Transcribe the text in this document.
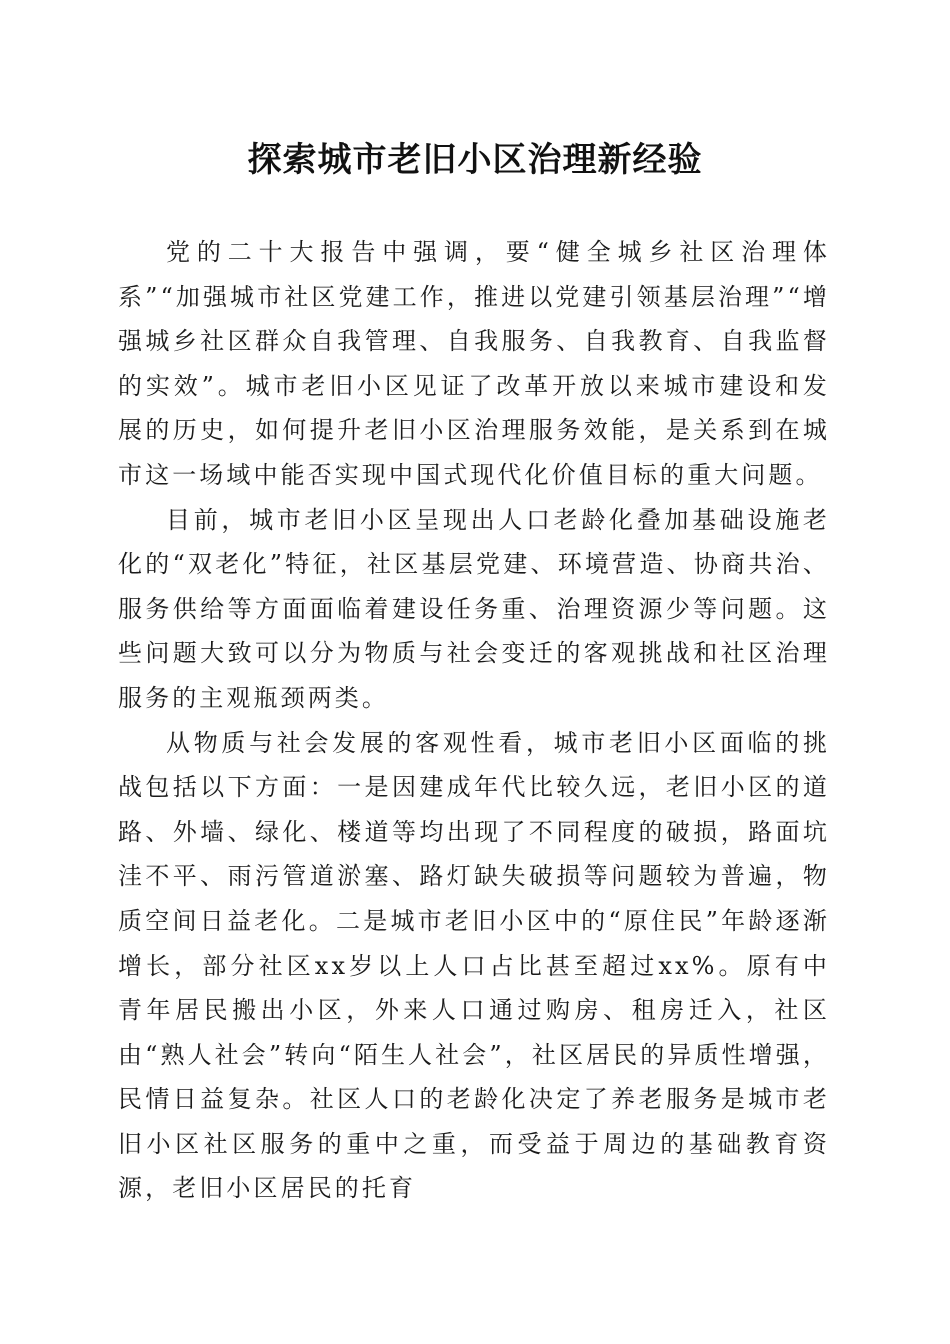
探索城市老旧小区治理新经验

党的二十大报告中强调，要“健全城乡社区治理体系”“加强城市社区党建工作，推进以党建引领基层治理”“增强城乡社区群众自我管理、自我服务、自我教育、自我监督的实效”。城市老旧小区见证了改革开放以来城市建设和发展的历史，如何提升老旧小区治理服务效能，是关系到在城市这一场域中能否实现中国式现代化价值目标的重大问题。

目前，城市老旧小区呈现出人口老龄化叠加基础设施老化的“双老化”特征，社区基层党建、环境营造、协商共治、服务供给等方面面临着建设任务重、治理资源少等问题。这些问题大致可以分为物质与社会变迁的客观挑战和社区治理服务的主观瓶颈两类。

从物质与社会发展的客观性看，城市老旧小区面临的挑战包括以下方面：一是因建成年代比较久远，老旧小区的道路、外墙、绿化、楼道等均出现了不同程度的破损，路面坑洼不平、雨污管道淤塞、路灯缺失破损等问题较为普遍，物质空间日益老化。二是城市老旧小区中的“原住民”年龄逐渐增长，部分社区xx岁以上人口占比甚至超过xx%。原有中青年居民搬出小区，外来人口通过购房、租房迁入，社区由“熟人社会”转向“陌生人社会”，社区居民的异质性增强，民情日益复杂。社区人口的老龄化决定了养老服务是城市老旧小区社区服务的重中之重，而受益于周边的基础教育资源，老旧小区居民的托育
